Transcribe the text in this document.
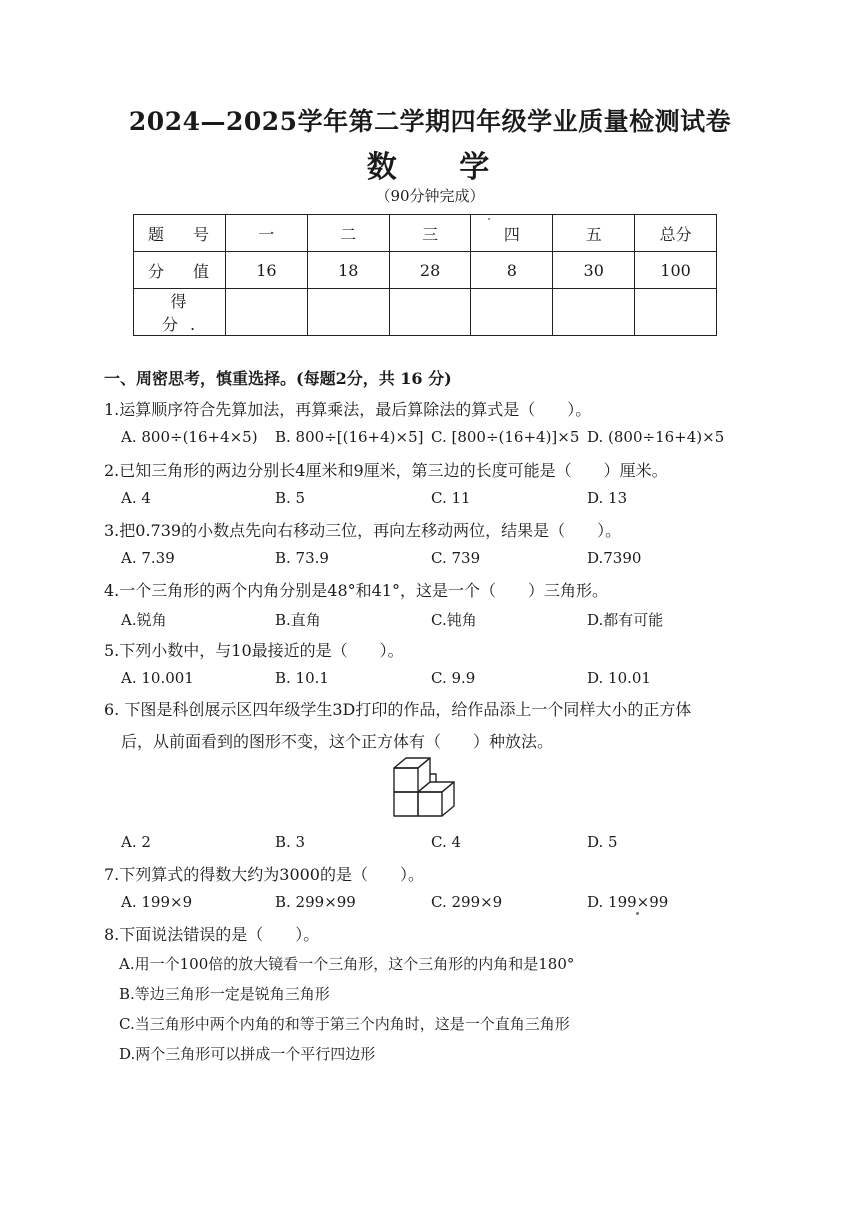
2024—2025学年第二学期四年级学业质量检测试卷
数 学
（90分钟完成）
题 号	一	二	三	四	五	总分
分 值	16	18	28	8	30	100
得 分.						
一、周密思考，慎重选择。(每题2分，共 16 分)
1.运算顺序符合先算加法，再算乘法，最后算除法的算式是（　　）。
A. 800÷(16+4×5) B. 800÷[(16+4)×5] C. [800÷(16+4)]×5 D. (800÷16+4)×5
2.已知三角形的两边分别长4厘米和9厘米，第三边的长度可能是（　　）厘米。
A. 4	B. 5	C. 11	D. 13
3.把0.739的小数点先向右移动三位，再向左移动两位，结果是（　　）。
A. 7.39	B. 73.9	C. 739	D.7390
4.一个三角形的两个内角分别是48°和41°，这是一个（　　）三角形。
A.锐角	B.直角	C.钝角	D.都有可能
5.下列小数中，与10最接近的是（　　）。
A. 10.001	B. 10.1	C. 9.9	D. 10.01
6. 下图是科创展示区四年级学生3D打印的作品，给作品添上一个同样大小的正方体
后，从前面看到的图形不变，这个正方体有（　　）种放法。
A. 2	B. 3	C. 4	D. 5
7.下列算式的得数大约为3000的是（　　）。
A. 199×9	B. 299×99	C. 299×9	D. 199×99
8.下面说法错误的是（　　）。
A.用一个100倍的放大镜看一个三角形，这个三角形的内角和是180°
B.等边三角形一定是锐角三角形
C.当三角形中两个内角的和等于第三个内角时，这是一个直角三角形
D.两个三角形可以拼成一个平行四边形
